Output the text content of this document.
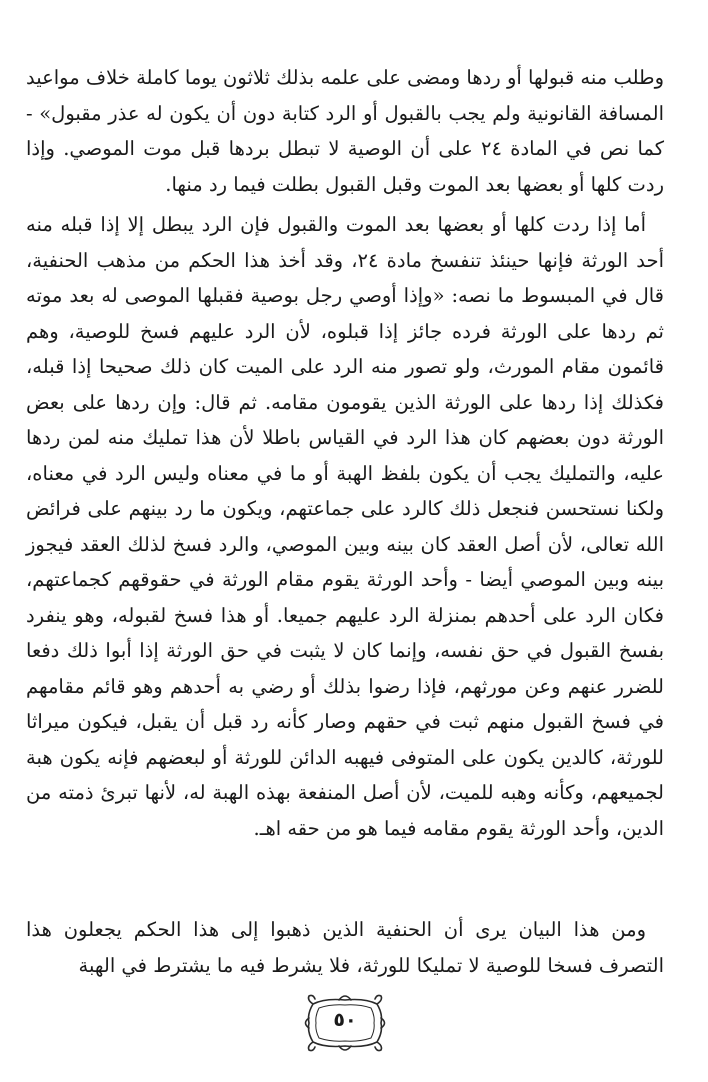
وطلب منه قبولها أو ردها ومضى على علمه بذلك ثلاثون يوما كاملة خلاف مواعيد المسافة القانونية ولم يجب بالقبول أو الرد كتابة دون أن يكون له عذر مقبول» - كما نص في المادة ٢٤ على أن الوصية لا تبطل بردها قبل موت الموصي. وإذا ردت كلها أو بعضها بعد الموت وقبل القبول بطلت فيما رد منها.

أما إذا ردت كلها أو بعضها بعد الموت والقبول فإن الرد يبطل إلا إذا قبله منه أحد الورثة فإنها حينئذ تنفسخ مادة ٢٤، وقد أخذ هذا الحكم من مذهب الحنفية، قال في المبسوط ما نصه: «وإذا أوصي رجل بوصية فقبلها الموصى له بعد موته ثم ردها على الورثة فرده جائز إذا قبلوه، لأن الرد عليهم فسخ للوصية، وهم قائمون مقام المورث، ولو تصور منه الرد على الميت كان ذلك صحيحا إذا قبله، فكذلك إذا ردها على الورثة الذين يقومون مقامه. ثم قال: وإن ردها على بعض الورثة دون بعضهم كان هذا الرد في القياس باطلا لأن هذا تمليك منه لمن ردها عليه، والتمليك يجب أن يكون بلفظ الهبة أو ما في معناه وليس الرد في معناه، ولكنا نستحسن فنجعل ذلك كالرد على جماعتهم، ويكون ما رد بينهم على فرائض الله تعالى، لأن أصل العقد كان بينه وبين الموصي، والرد فسخ لذلك العقد فيجوز بينه وبين الموصي أيضا - وأحد الورثة يقوم مقام الورثة في حقوقهم كجماعتهم، فكان الرد على أحدهم بمنزلة الرد عليهم جميعا. أو هذا فسخ لقبوله، وهو ينفرد بفسخ القبول في حق نفسه، وإنما كان لا يثبت في حق الورثة إذا أبوا ذلك دفعا للضرر عنهم وعن مورثهم، فإذا رضوا بذلك أو رضي به أحدهم وهو قائم مقامهم في فسخ القبول منهم ثبت في حقهم وصار كأنه رد قبل أن يقبل، فيكون ميراثا للورثة، كالدين يكون على المتوفى فيهبه الدائن للورثة أو لبعضهم فإنه يكون هبة لجميعهم، وكأنه وهبه للميت، لأن أصل المنفعة بهذه الهبة له، لأنها تبرئ ذمته من الدين، وأحد الورثة يقوم مقامه فيما هو من حقه اهـ.

ومن هذا البيان يرى أن الحنفية الذين ذهبوا إلى هذا الحكم يجعلون هذا التصرف فسخا للوصية لا تمليكا للورثة، فلا يشرط فيه ما يشترط في الهبة

٥٠
